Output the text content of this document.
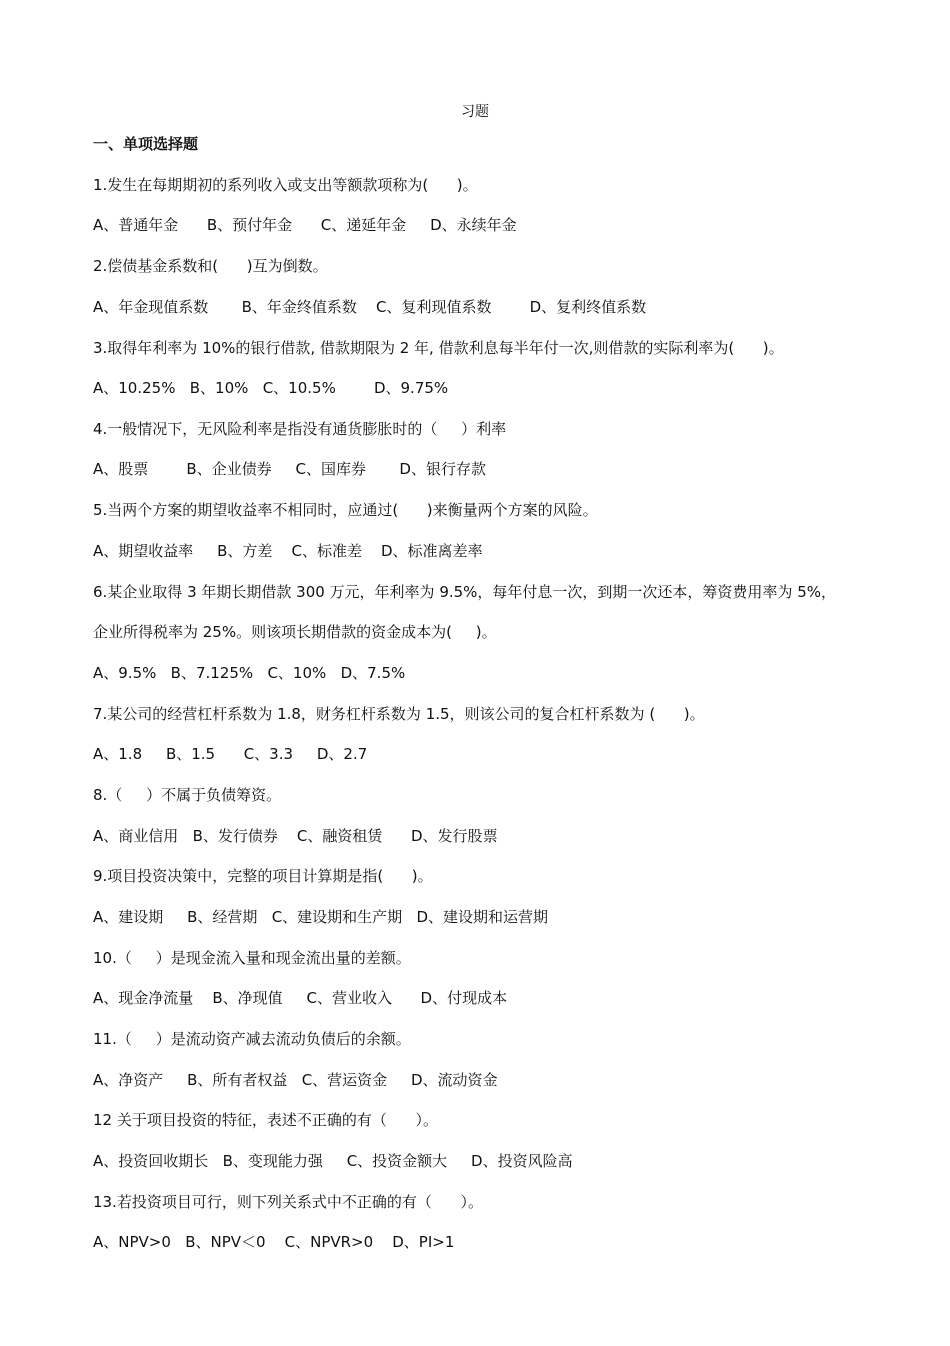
习题
一、单项选择题
1.发生在每期期初的系列收入或支出等额款项称为(      )。
A、普通年金      B、预付年金      C、递延年金     D、永续年金
2.偿债基金系数和(      )互为倒数。
A、年金现值系数       B、年金终值系数    C、复利现值系数        D、复利终值系数
3.取得年利率为 10%的银行借款, 借款期限为 2 年, 借款利息每半年付一次,则借款的实际利率为(      )。
A、10.25%   B、10%   C、10.5%        D、9.75%
4.一般情况下，无风险利率是指没有通货膨胀时的（     ）利率
A、股票        B、企业债券     C、国库券       D、银行存款
5.当两个方案的期望收益率不相同时，应通过(      )来衡量两个方案的风险。
A、期望收益率     B、方差    C、标准差    D、标准离差率
6.某企业取得 3 年期长期借款 300 万元，年利率为 9.5%，每年付息一次，到期一次还本，筹资费用率为 5%，
企业所得税率为 25%。则该项长期借款的资金成本为(     )。
A、9.5%   B、7.125%   C、10%   D、7.5%
7.某公司的经营杠杆系数为 1.8，财务杠杆系数为 1.5，则该公司的复合杠杆系数为 (      )。
A、1.8     B、1.5      C、3.3     D、2.7
8.（     ）不属于负债筹资。
A、商业信用   B、发行债券    C、融资租赁      D、发行股票
9.项目投资决策中，完整的项目计算期是指(      )。
A、建设期     B、经营期   C、建设期和生产期   D、建设期和运营期
10.（     ）是现金流入量和现金流出量的差额。
A、现金净流量    B、净现值     C、营业收入      D、付现成本
11.（     ）是流动资产减去流动负债后的余额。
A、净资产     B、所有者权益   C、营运资金     D、流动资金
12 关于项目投资的特征，表述不正确的有（      ）。
A、投资回收期长   B、变现能力强     C、投资金额大     D、投资风险高
13.若投资项目可行，则下列关系式中不正确的有（      ）。
A、NPV>0   B、NPV＜0    C、NPVR>0    D、PI>1
